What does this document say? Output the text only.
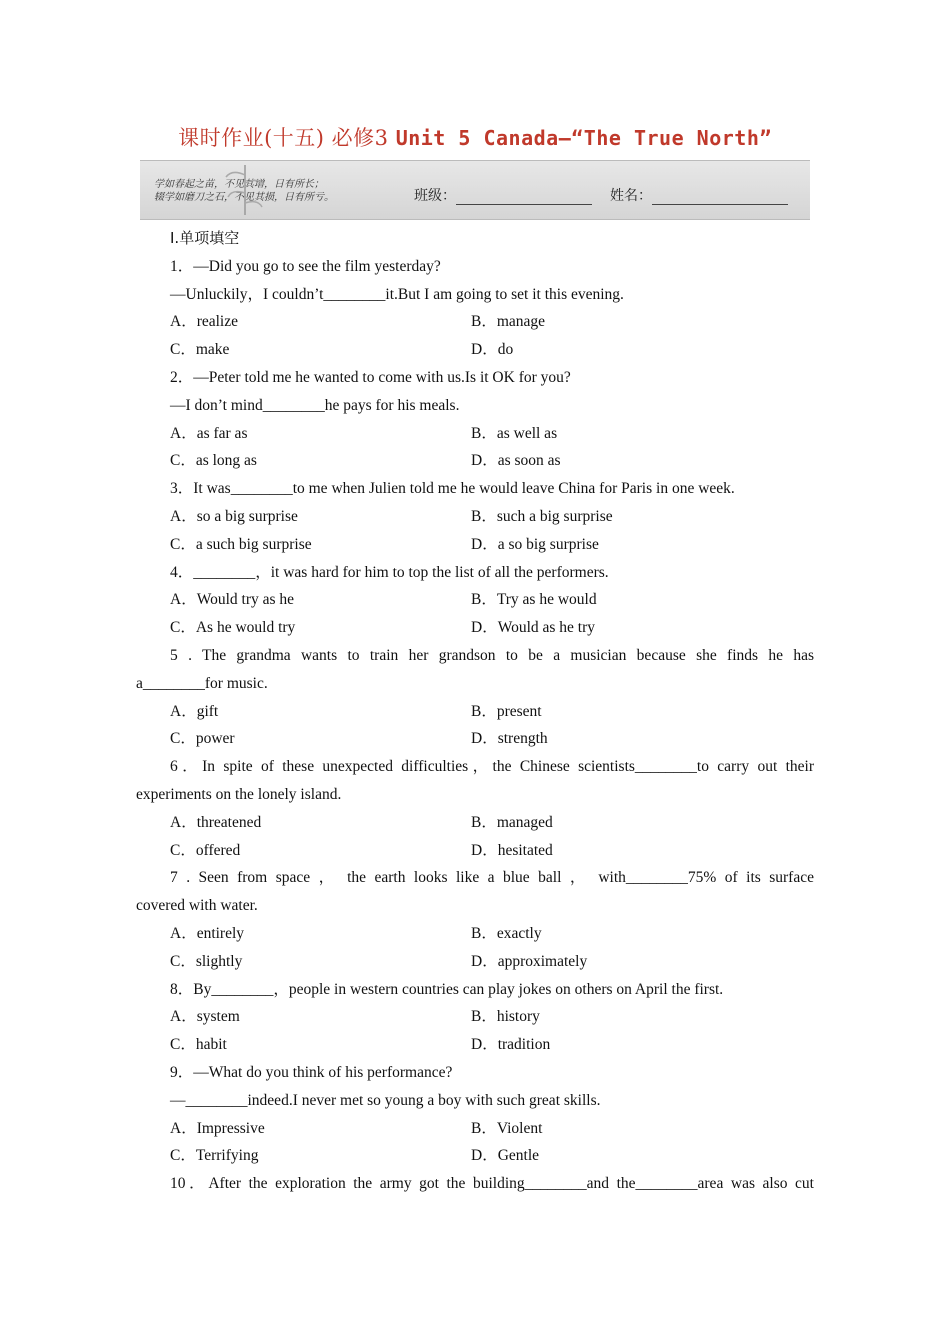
课时作业(十五) 必修3 Unit 5 Canada—“The True North”
学如春起之苗，不见其增，日有所长；
辍学如磨刀之石，不见其损，日有所亏。	班级：	姓名：
Ⅰ.单项填空
1．—Did you go to see the film yesterday?
—Unluckily，I couldn’t________it.But I am going to set it this evening.
A．realize	B．manage
C．make	D．do
2．—Peter told me he wanted to come with us.Is it OK for you?
—I don’t mind________he pays for his meals.
A．as far as	B．as well as
C．as long as	D．as soon as
3．It was________to me when Julien told me he would leave China for Paris in one week.
A．so a big surprise	B．such a big surprise
C．a such big surprise	D．a so big surprise
4．________，it was hard for him to top the list of all the performers.
A．Would try as he	B．Try as he would
C．As he would try	D．Would as he try
5 . The grandma wants to train her grandson to be a musician because she finds he has
a________for music.
A．gift	B．present
C．power	D．strength
6．In spite of these unexpected difficulties，the Chinese scientists________to carry out their
experiments on the lonely island.
A．threatened	B．managed
C．offered	D．hesitated
7 . Seen from space ， the earth looks like a blue ball ， with________75% of its surface
covered with water.
A．entirely	B．exactly
C．slightly	D．approximately
8．By________，people in western countries can play jokes on others on April the first.
A．system	B．history
C．habit	D．tradition
9．—What do you think of his performance?
—________indeed.I never met so young a boy with such great skills.
A．Impressive	B．Violent
C．Terrifying	D．Gentle
10．After the exploration the army got the building________and the________area was also cut
